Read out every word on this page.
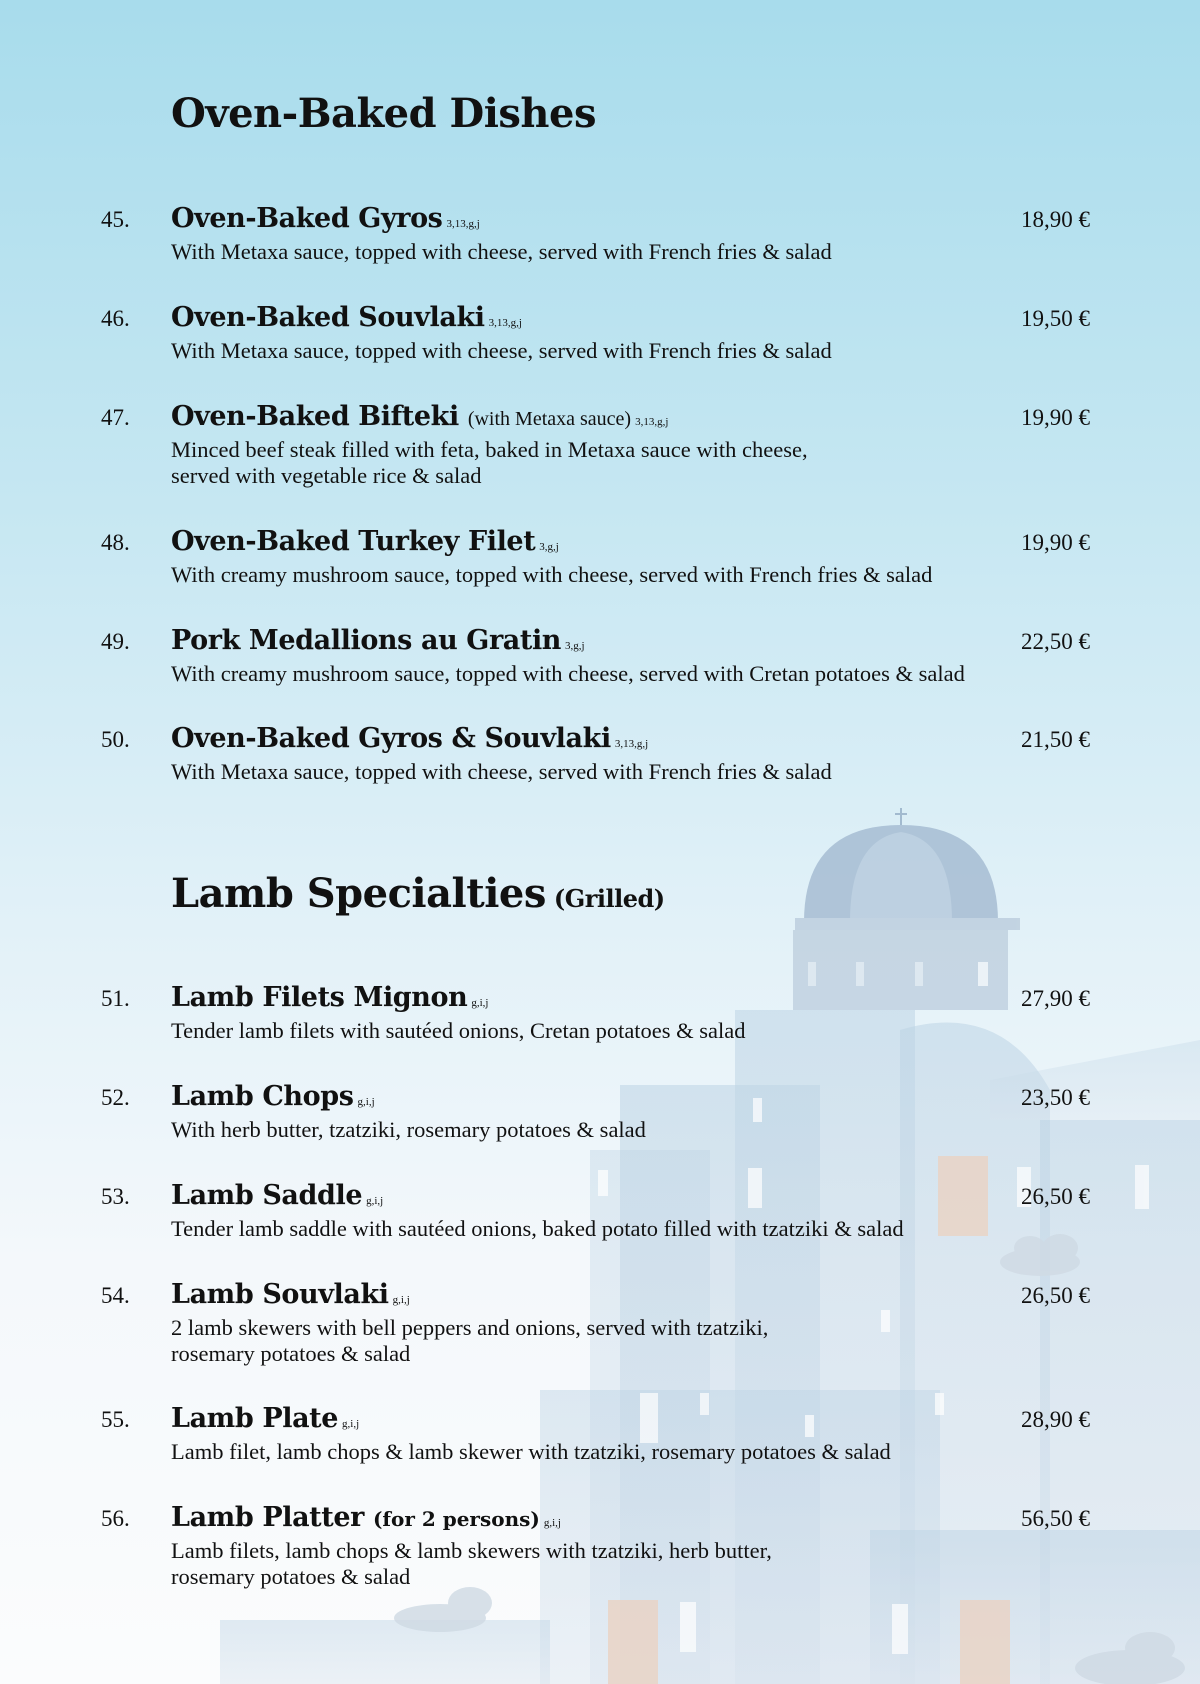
Oven-Baked Dishes
45. Oven-Baked Gyros 3,13,g,j	18,90 €
With Metaxa sauce, topped with cheese, served with French fries & salad
46. Oven-Baked Souvlaki 3,13,g,j	19,50 €
With Metaxa sauce, topped with cheese, served with French fries & salad
47. Oven-Baked Bifteki (with Metaxa sauce) 3,13,g,j	19,90 €
Minced beef steak filled with feta, baked in Metaxa sauce with cheese,
served with vegetable rice & salad
48. Oven-Baked Turkey Filet 3,g,j	19,90 €
With creamy mushroom sauce, topped with cheese, served with French fries & salad
49. Pork Medallions au Gratin 3,g,j	22,50 €
With creamy mushroom sauce, topped with cheese, served with Cretan potatoes & salad
50. Oven-Baked Gyros & Souvlaki 3,13,g,j	21,50 €
With Metaxa sauce, topped with cheese, served with French fries & salad
Lamb Specialties (Grilled)
51. Lamb Filets Mignon g,i,j	27,90 €
Tender lamb filets with sautéed onions, Cretan potatoes & salad
52. Lamb Chops g,i,j	23,50 €
With herb butter, tzatziki, rosemary potatoes & salad
53. Lamb Saddle g,i,j	26,50 €
Tender lamb saddle with sautéed onions, baked potato filled with tzatziki & salad
54. Lamb Souvlaki g,i,j	26,50 €
2 lamb skewers with bell peppers and onions, served with tzatziki,
rosemary potatoes & salad
55. Lamb Plate g,i,j	28,90 €
Lamb filet, lamb chops & lamb skewer with tzatziki, rosemary potatoes & salad
56. Lamb Platter (for 2 persons) g,i,j	56,50 €
Lamb filets, lamb chops & lamb skewers with tzatziki, herb butter,
rosemary potatoes & salad
